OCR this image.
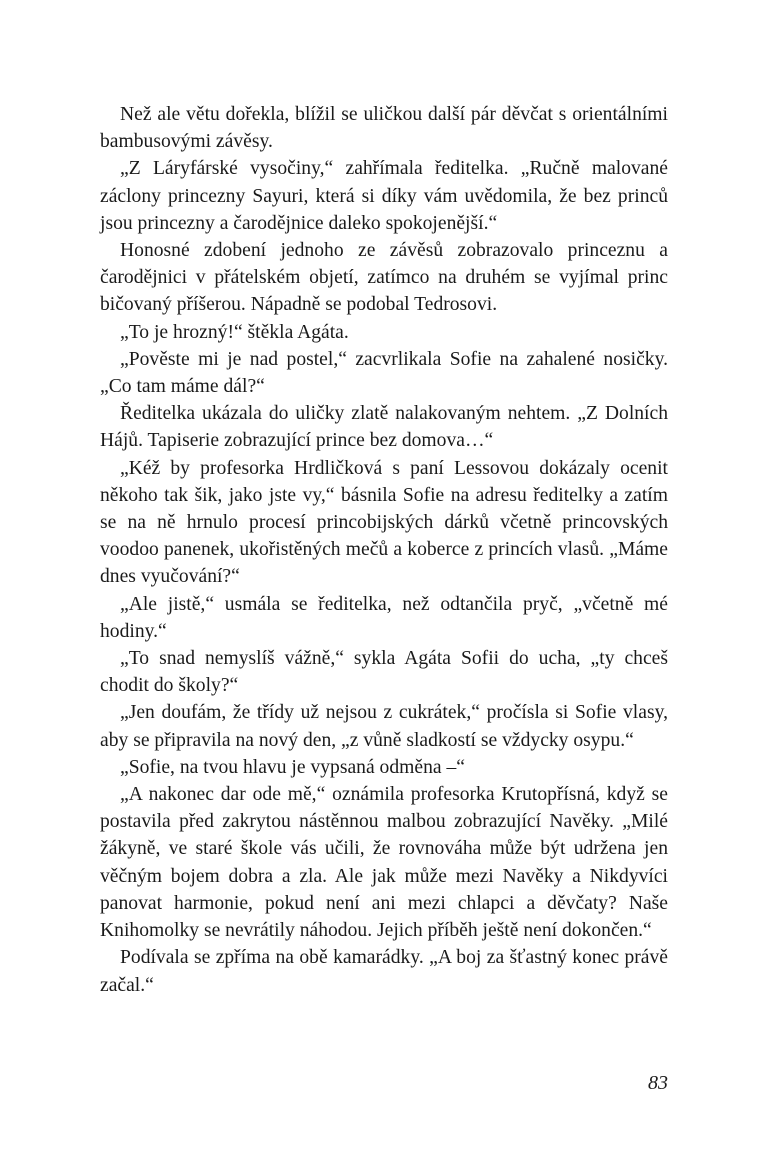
Než ale větu dořekla, blížil se uličkou další pár děvčat s orientálními bambusovými závěsy.

„Z Láryfárské vysočiny,“ zahřímala ředitelka. „Ručně malované záclony princezny Sayuri, která si díky vám uvědomila, že bez princů jsou princezny a čarodějnice daleko spokojenější.“

Honosné zdobení jednoho ze závěsů zobrazovalo princeznu a čarodějnici v přátelském objetí, zatímco na druhém se vyjímal princ bičovaný příšerou. Nápadně se podobal Tedrosovi.

„To je hrozný!“ štěkla Agáta.

„Pověste mi je nad postel,“ zacvrlikala Sofie na zahalené nosičky. „Co tam máme dál?“

Ředitelka ukázala do uličky zlatě nalakovaným nehtem. „Z Dolních Hájů. Tapiserie zobrazující prince bez domova…“

„Kéž by profesorka Hrdličková s paní Lessovou dokázaly ocenit někoho tak šik, jako jste vy,“ básnila Sofie na adresu ředitelky a zatím se na ně hrnulo procesí princobijských dárků včetně princovských voodoo panenek, ukořistěných mečů a koberce z princích vlasů. „Máme dnes vyučování?“

„Ale jistě,“ usmála se ředitelka, než odtančila pryč, „včetně mé hodiny.“

„To snad nemyslíš vážně,“ sykla Agáta Sofii do ucha, „ty chceš chodit do školy?“

„Jen doufám, že třídy už nejsou z cukrátek,“ pročísla si Sofie vlasy, aby se připravila na nový den, „z vůně sladkostí se vždycky osypu.“

„Sofie, na tvou hlavu je vypsaná odměna –“

„A nakonec dar ode mě,“ oznámila profesorka Krutopřísná, když se postavila před zakrytou nástěnnou malbou zobrazující Navěky. „Milé žákyně, ve staré škole vás učili, že rovnováha může být udržena jen věčným bojem dobra a zla. Ale jak může mezi Navěky a Nikdyvíci panovat harmonie, pokud není ani mezi chlapci a děvčaty? Naše Knihomolky se nevrátily náhodou. Jejich příběh ještě není dokončen.“

Podívala se zpříma na obě kamarádky. „A boj za šťastný konec právě začal.“

83
